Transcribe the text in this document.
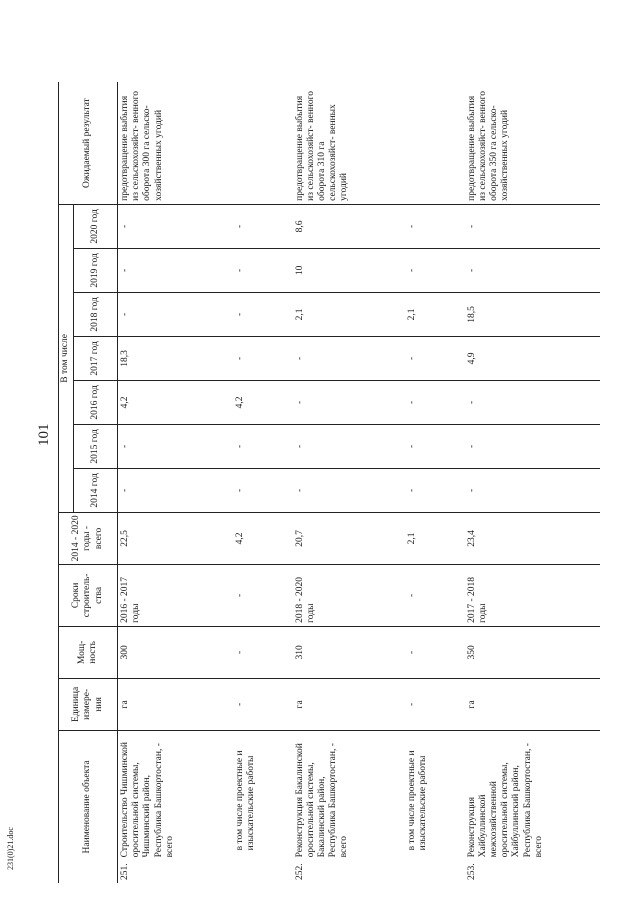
101
231(0)21.doc	Наименование объекта		Единица измере- ния	Мощ- ность	Сроки строитель- ства	2014 - 2020 годы - всего	В том числе							Ожидаемый результат
						2014 год	2015 год	2016 год	2017 год	2018 год	2019 год	2020 год	
251.	Строительство Чишминской оросительной системы, Чишминский район, Республика Башкортостан, - всего	га	300	2016 - 2017 годы	22,5	-	-	4,2	18,3	-	-	-	предотвращение выбытия из сельскохозяйст- венного оборота 300 га сельско- хозяйственных угодий
	в том числе проектные и изыскательские работы	-	-	-	4,2	-	-	4,2	-	-	-	-	
252.	Реконструкция Бакалинской оросительной системы, Бакалинский район, Республика Башкортостан, - всего	га	310	2018 - 2020 годы	20,7	-	-	-	-	2,1	10	8,6	предотвращение выбытия из сельскохозяйст- венного оборота 310 га сельскохозяйст- венных угодий
	в том числе проектные и изыскательские работы	-	-	-	2,1	-	-	-	-	2,1	-	-	
253.	Реконструкция Хайбуллинской межхозяйственной оросительной системы, Хайбуллинский район, Республика Башкортостан, - всего	га	350	2017 - 2018 годы	23,4	-	-	-	4,9	18,5	-	-	предотвращение выбытия из сельскохозяйст- венного оборота 350 га сельско- хозяйственных угодий
